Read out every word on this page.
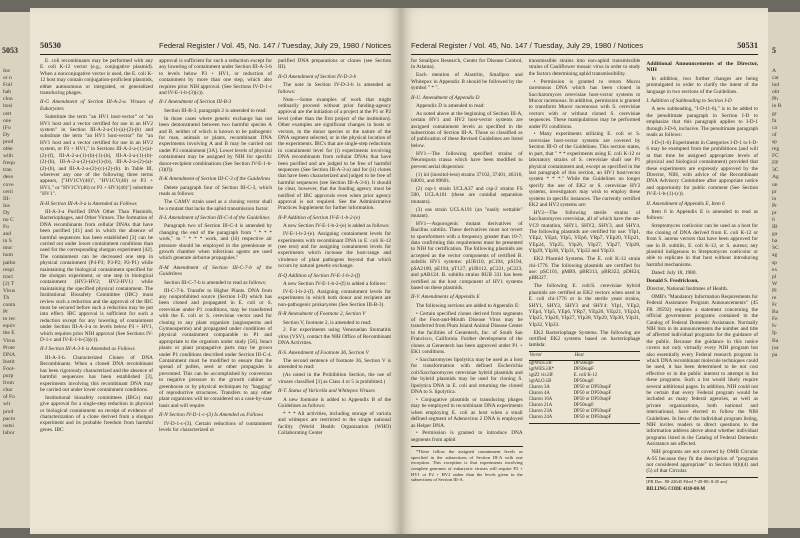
5053
Ins
or n
Foll
hab
clon
hosi
cert
one
(Fo
Dy
prod
othe
with
frequ
tran
deso
cove
cerii
III-
Ins
Dy
no C
Fo
and
in S
muc
hum
patho
respi
tract
[2) T
Virus
Th
conta
Pr
to rec
equiv
the E
Virus
Prote
DNA
Instit
Foot-
purp
from
char
of Fo
wit
prod
pacto
outsi
labor
50530	Federal Register / Vol. 45, No. 147 / Tuesday, July 29, 1980 / Notices

E. coli recombinants may be performed with any E. coli K-12 vector (e.g., conjugative plasmid). When a nonconjugative vector is used, the E. coli K-12 host may contain conjugation-proficient plasmids, either autonomous or integrated, or generalized transducing phages.

II-G Amendment of Section III-A-2-a. Viruses of Eukaryotes

Substitute the term "an HV1 host-vector" or "an HV1 host and a vector certified for use in an HV2 system" in Section III-A-2-a-(1)-(a)-(2)-(b) and substitute the term "an HV1 host-vector" for "an HV1 host and a vector certified for use in an HV2 system, or P3 + HV1," in Sections III-A-2-a-(1)-(a)-(2)-(f), III-A-2-a-(1)-(b)-(1)-(b), III-A-2-a-(1)-(b)-(2)-(b), III-A-2-a-(2)-(a)-(1)-(b), III-A-2-a-(2)-(a)-(2)-(b), and III-A-2-a-(2)-(c)-(2)-(b). In Table III, wherever any one of the following three terms appears, ["HV1CV(46)", "HV1CV(46) or P3 + HV1," or "HV1CV(46) or P3 + HV1(46)"] substitute "HV1".

II-H Section III-A-3-a is Amended as Follows

III-A-3-a Purified DNA Other Than Plasmids, Bacteriophages, and Other Viruses. The formation of DNA recombinants from cellular DNAs that have been purified [41] and in which the absence of harmful sequences has been established [3] can be carried out under lower containment conditions than used for the corresponding shotgun experiment [42]. The containment can be decreased one step in physical containment (P4-P3; P3-P2; P2-P1) while maintaining the biological containment specified for the shotgun experiment, or one step in biological containment (HV3-HV2; HV2-HV1) while maintaining the specified physical containment. The Institutional Biosafety Committee (IBC) must review such a reduction and the approval of the IBC must be secured before such a reduction may be put into effect. IBC approval is sufficient for such a reduction except for any lowering of containment under Section III-A-3-a to levels below P3 + HV1, which requires prior NIH approval (See Sections IV-D-1-c and IV-E-1-b-(3)(c)).

II-I Section III-A-3-b is Amended as Follows

III-A-3-b. Characterized Clones of DNA Recombinants. When a cloned DNA recombinant has been rigorously characterized and the absence of harmful sequences has been established [3], experiments involving this recombinant DNA may be carried out under lower containment conditions.

Institutional biosafety committees (IBCs) may give approval for a single-step reduction in physical or biological containment on receipt of evidence of characterization of a clone derived from a shotgun experiment and its probable freedom from harmful genes. IBC

approval is sufficient for such a reduction except for any lowering of containment under Section III-A-3-b to levels below P3 + HV1, or reduction of containment by more than one step, which also requires prior NIH approval. (See Sections IV-D-1-c and IV-E-1-b-(3)(c)).

II-J Amendment of Section III-B-3

Section III-B-3, paragraph 2 is amended to read:

In those cases where genetic exchange has not been demonstrated between two harmful species A and B, neither of which is known to be pathogenic for man, animals or plants, recombinant DNA experiments involving A and B may be carried out under P3 containment [3A]. Lower levels of physical containment may be assigned by NIH for specific donor-recipient combinations (See Section IV-E-1-b-(3)(f)).

II-K Amendment of Section III-C-3 of the Guidelines

Delete paragraph four of Section III-C-3, which reads as follows:

The CAMV strain used as a cloning vector shall be a mutant that lacks the aphid transmission factor.

II-L Amendment of Section III-C-4 of the Guidelines

Paragraph two of Section III-C-4 is amended by changing the end of the paragraph from " * * * work," to " * * * work, and (iii) respective air pressure should be employed in the greenhouse or growth chamber when infectious agents are used which generate airborne propagules."

II-M Amendment of Section III-C-7-b of the Guidelines

Section III-C-7-b is amended to read as follows:

III-C-7-b. Transfer to Higher Plants. DNA from any nonprohibited source (Section I-D) which has been cloned and propagated in E. coli or S. cerevisiae under P1 conditions, may be transferred with the E. coli or S. cerevisiae vector used for cloning to any plant organism (angiosperms and Gymnosperms) and propagated under conditions of physical containment comparable to P1 and appropriate to the organism under study [56]. Intact plants or plant propagative parts may be grown under P1 conditions described under Section III-C-4. Containment must be modified to ensure that the spread of pollen, seed or other propagules is prevented. This can be accomplished by conversion to negative pressure in the growth cabinet or greenhouse or by physical techniques by "bagging" of reproductive structures. Transfers to any other plant organisms will be considered on a case-by-case basis and will require

II-N Section IV-D-1-c-(3) Is Amended as Follows

IV-D-1-c-(3). Certain reductions of containment levels for characterized or

purified DNA preparations or clones (see Section III).

II-O Amendment of Section IV-D-3-b

The note in Section IV-D-3-b is amended as follows:

Note.—Some examples of work that might ordinarily proceed without prior funding-agency approval are the initiation of a project at the P1 or P2 level (other than the first project of the institution). Other examples are significant changes in hosts or vectors, in the donor species or the nature of the DNA segment selected, or in the physical location of the experiments. IBC's that are single-step reductions in containment level for (i) experiments involving DNA recombinants from cellular DNAs that have been purified and are judged to be free of harmful sequences (See Section III-A-3-a) and for (ii) clones that have been characterized and judged to be free of harmful sequences (see Section III-A-3-b). It should be clear, however, that the funding agency must be notified of IBC approvals even when prior agency approval is not required. See the Administrative Practices Supplement for further information.

II-P Addition of Section IV-E-1-b-2-(e)

A new Section IV-E-1-b-2-(e) is added as follows:

IV-E-1-b-2-(e). Assigning containment levels for experiments with recombinant DNA in E. coli K-12 (see text) and for assigning containment levels for experiments which increase the host-range and virulence of plant pathogens beyond that which occurs by natural genetic exchange.

II-Q Addition of Section IV-E-1-b-2-(f)

A new Section IV-E-1-b-2-(f) is added a follows:

IV-E-1-b-2-(f). Assigning containment levels for experiments in which both donor and recipient are non-pathogenic prokaryotes (See Section III-B-3).

II-R Amendment of Footnote 2, Section V

Section V, footnote 2, is amended to read:

2. For experiments using Venezuelan Stomatitis virus (VSV), contact the NIH Office of Recombinant DNA Activities.

II-S. Amendment of Footnote 36, Section V

The second sentence of footnote 36, Section V is amended to read:

(As noted in the Prohibition Section, the use of viruses classified [3] as Class 4 or 5 is prohibited.)

II-T. Status of Varicella and Whitepox Viruses

A new footnote is added to Appendix B of the Guidelines as follows:

* * * All activities, including storage of variola and whitepox are restricted to the single national facility (World Health Organization (WHO) Collaborating Center

Federal Register / Vol. 45, No. 147 / Tuesday, July 29, 1980 / Notices	50531

for Smallpox Research, Center for Disease Control, in Atlanta).

Each mention of Alastrim, Smallpox and Whitepox in Appendix B should be followed by the symbol " * ".

II-U. Amendment of Appendix D

Appendix D is amended to read:

As noted above at the beginning of Section III-A, certain HV1 and HV2 host-vector systems are assigned containment levels as specified in the subsections of Section III-A. Those so classified as of publication of these Revised Guidelines are listed below.

HV1—The following specified strains of Neurospora crassa which have been modified to prevent aerial dispersion:

(1) inl (inositol-less) strains 37102, 37401, 46316, 64001, and 89601.

(2) csp-1 strain UCLA37 and csp-2 strains FS 590, UCLA101 (these are conidial separation mutants).

(3) eas strain UCLA191 (an "easily wettable" mutant).

HV1—Asporogenic mutant derivatives of Bacillus subtilis. These derivatives must not revert to sporeformers with a frequency greater than 10-7; data confirming this requirement must be presented to NIH for certification. The following plasmids are accepted as the vector components of certified B. subtilis HV1 systems: pUB110, pC194, pS194, pSA2100, pE194, pT127, pUB112, pC221, pC223, and pAB124. B. subtilis strains RUB 331 has been certified as the host component of HV1 systems based on these plasmids.

II-V. Amendments of Appendix E

The following sections are added to Appendix E:

• Certain specified clones derived from segments of the Foot-and-Mouth Disease Virus may be transferred from Plum Island Animal Disease Center to the facilities of Genentech, Inc. of South San Francisco, California. Further development of the clones at Genentech has been approved under P1 + EK1 conditions.

• Saccharomyces lipolytica may be used as a host for transformation with defined Escherichia coli/Saccharomyces cerevisiae hybrid plasmids and the hybrid plasmids may be used for cloning S. lipolytica DNA in E. coli and returning the cloned DNA to S. lipolytica.

• Conjugative plasmids or transducing phages may be employed in recombinant DNA experiments when employing E. coli as host when a small defined segment of Adenovirus 2 DNA is employed as Helper DNA.

• Permission is granted to introduce DNA segments from aphid

*These follow the assigned containment levels as specified in the subsections of Section III-A with one exception. This exception is that experiments involving complete genomes of eukaryotic viruses will require P2 + HV1 or P2 + HV2 rather than the levels given in the subsections of Section III-A.

transmissible strains into non-aphid transmissible strains of Cauliflower mosaic virus in order to study the factors determining aphid transmissibility.

• Permission is granted to return Mucor racemosus DNA which has been cloned in Saccharomyces cerevisiae host-vector systems to Mucor racemosus. In addition, permission is granted to transform Mucor racemosus with S. cerevisiae vectors with or without cloned S. cerevisiae sequences. These manipulations may be performed under P2 conditions.

• Many experiments utilizing E. coli or S. cerevisiae host-vector systems are covered by Section III-O of the Guidelines. This section states, in part, that " * * experiments using E. coli K-12 or laboratory strains of S. cerevisiae shall use P1 physical containment and, except as specified in the last paragraph of this section, an HV1 host/vector system * * *." While the Guidelines no longer specify the use of EK2 or S. cerevisiae HV2 systems, investigators may wish to employ these systems in specific instances. The currently certified EK2 and HV2 systems are:

HV2—The following sterile strains of Saccharomyces cerevisiae, all of which have the ste-VC9 mutation, SHY1, SHY2, SHY3, and SHY4. The following plasmids are certified for use: YIp1, YEp2, YEp4, YIp5, YEp6, YRp7, YEp20, YEp21, YEp24, YIp25, YIp26, YIp27, YIp27, YIp28, YIp29, YIp30, YIp31, YIp32 and YIp33.

EK2 Plasmid Systems. The E. coli K-12 strain chi-1776. The following plasmids are certified for use: pSC101, pMB9, pBR313, pBR322, pDH24, pBR327.

The following E. coli/S. cerevisiae hybrid plasmids are certified as EK2 vectors when used in E. coli chi-1776 or in the sterile yeast strains, SHY1, SHY2, SHY3 and SHY4: YIp1, YEp2, YEp4, YIp5, YEp6, YRp7, YEp20, YEp21, YEp24, YIp25, YIp26, YIp27, YIp28, YIp29, YIp30, YIp31, YIp32, YIp33.

EK2 Bacteriophage Systems. The following are certified EK2 systems based on bacteriophage lambda:

Vector	Host
λgtWES.λB'	DP50supF
λgtWES.λB*	DP50supF
λgtZJ vir.λB'	E. coli K-12
λgtALO.λB	DP50supF
Charon 3A	DP50 or DP50supF
Charon 4A	DP50 or DP50supF
Charon 16A	DP50 or DP50supF
Charon 21A	DP50supF
Charon 23A	DP50 or DP50supF
Charon 24A	DP50 or DP50supF

Additional Announcements of the Director, NIH

In addition, two further changes are being promulgated in order to clarify the intent of the language in two sections of the Guidelines.

I. Addition of Subheading to Section I-D

A new subheading, "I-D-(1-6)," is to be added to the penultimate paragraph in Section I-D to emphasize that this paragraph applies to I-D-1 through I-D-6, inclusive. The penultimate paragraph reads as follows:

I-D-(1-6) Experiments in Categories I-D-1 to I-D-6 may be exempted from the prohibitions (and will at that time be assigned appropriate levels of physical and biological containment) provided that these experiments are expressly approved by the Director, NIH, with advice of the Recombinant DNA Advisory Committee after appropriate notice and opportunity for public comment (See Section IV-E-1-b-(1)-(c)).

II. Amendment of Appendix E, Item 6

Item 6 in Appendix E is amended to read as follows:

Streptomyces coelicolor can be used as a host for the cloning of DNA derived from E. coli K-12 or from S. aureus vectors that have been approved for use in B. subtilis, E. coli K-12, or S. aureus; any plasmid indigenous to Streptomyces coelicolor or able to replicate in that host without introducing harmful mechanisms.

Dated: July 18, 1980.

Donald S. Fredrickson,

Director, National Institutes of Health.

OMB's "Mandatory Information Requirements for Federal Assistance Program Announcements" (45 FR 39592) requires a statement concerning the official government programs contained in the Catalog of Federal Domestic Assistance. Normally NIH lists in its announcements the number and title of affected individual programs for the guidance of the public. Because the guidance in this notice covers not only virtually every NIH program but also essentially every Federal research program in which DNA recombinant molecule techniques could be used, it has been determined to be not cost effective or in the public interest to attempt to list these programs. Such a list would likely require several additional pages. In addition, NIH could not be certain that every Federal program would be included as many federal agencies, as well as private organizations, both national and international, have elected to follow the NIH Guidelines. In lieu of the individual program listing, NIH invites readers to direct questions to the information address above about whether individual programs listed in the Catalog of Federal Domestic Assistance are affected.

NIH programs are not covered by OMB Circular A-95 because they fit the description of "programs not considered appropriate" in Section 8(b)(4) and (5) of that Circular.

[FR Doc. 80-22645 Filed 7-28-80; 8:45 am]

BILLING CODE 4110-08-M

5
A
cat
ind
obt
Ph
in R
gr
fa
ca
of
sp
reg
FC
FP
3C
Ag
un
pr
in
Pr
pr
6
IB
ga
ha
SC
ag
sp
ex
pl
W
Pl
re
Fr
Ba
Fe
Iv
Ip
Ba
(sa
pa
